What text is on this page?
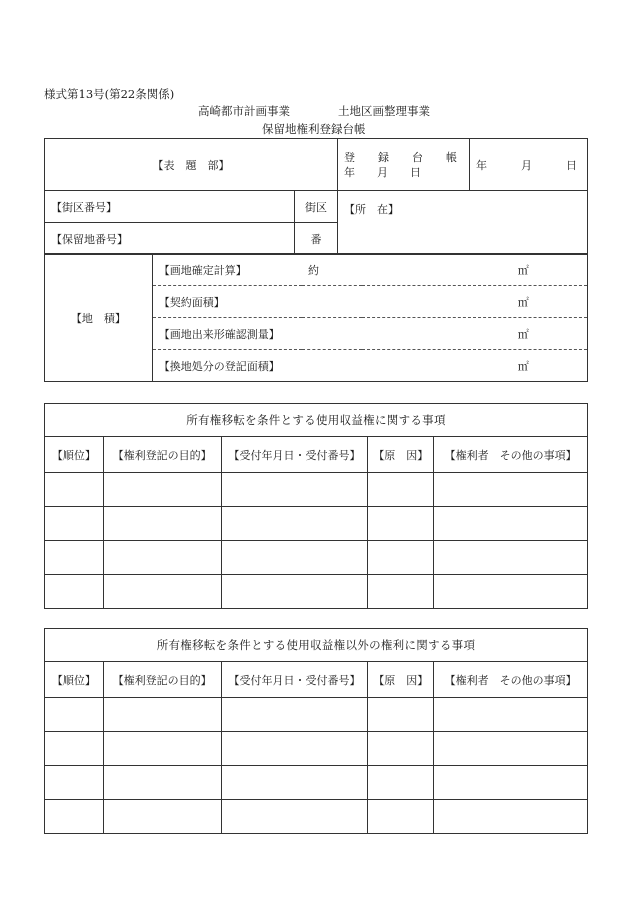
様式第13号(第22条関係)
高崎都市計画事業	土地区画整理事業
保留地権利登録台帳
【表　題　部】		登　録　台　帳
年　　月　　日	年　　月　　日
【街区番号】	街区	【所　在】	
【保留地番号】	番		
【地　積】	【画地確定計算】	約	㎡
	【契約面積】		㎡
	【画地出来形確認測量】		㎡
	【換地処分の登記面積】		㎡
所有権移転を条件とする使用収益権に関する事項				
【順位】	【権利登記の目的】	【受付年月日・受付番号】	【原　因】	【権利者　その他の事項】

所有権移転を条件とする使用収益権以外の権利に関する事項				
【順位】	【権利登記の目的】	【受付年月日・受付番号】	【原　因】	【権利者　その他の事項】
